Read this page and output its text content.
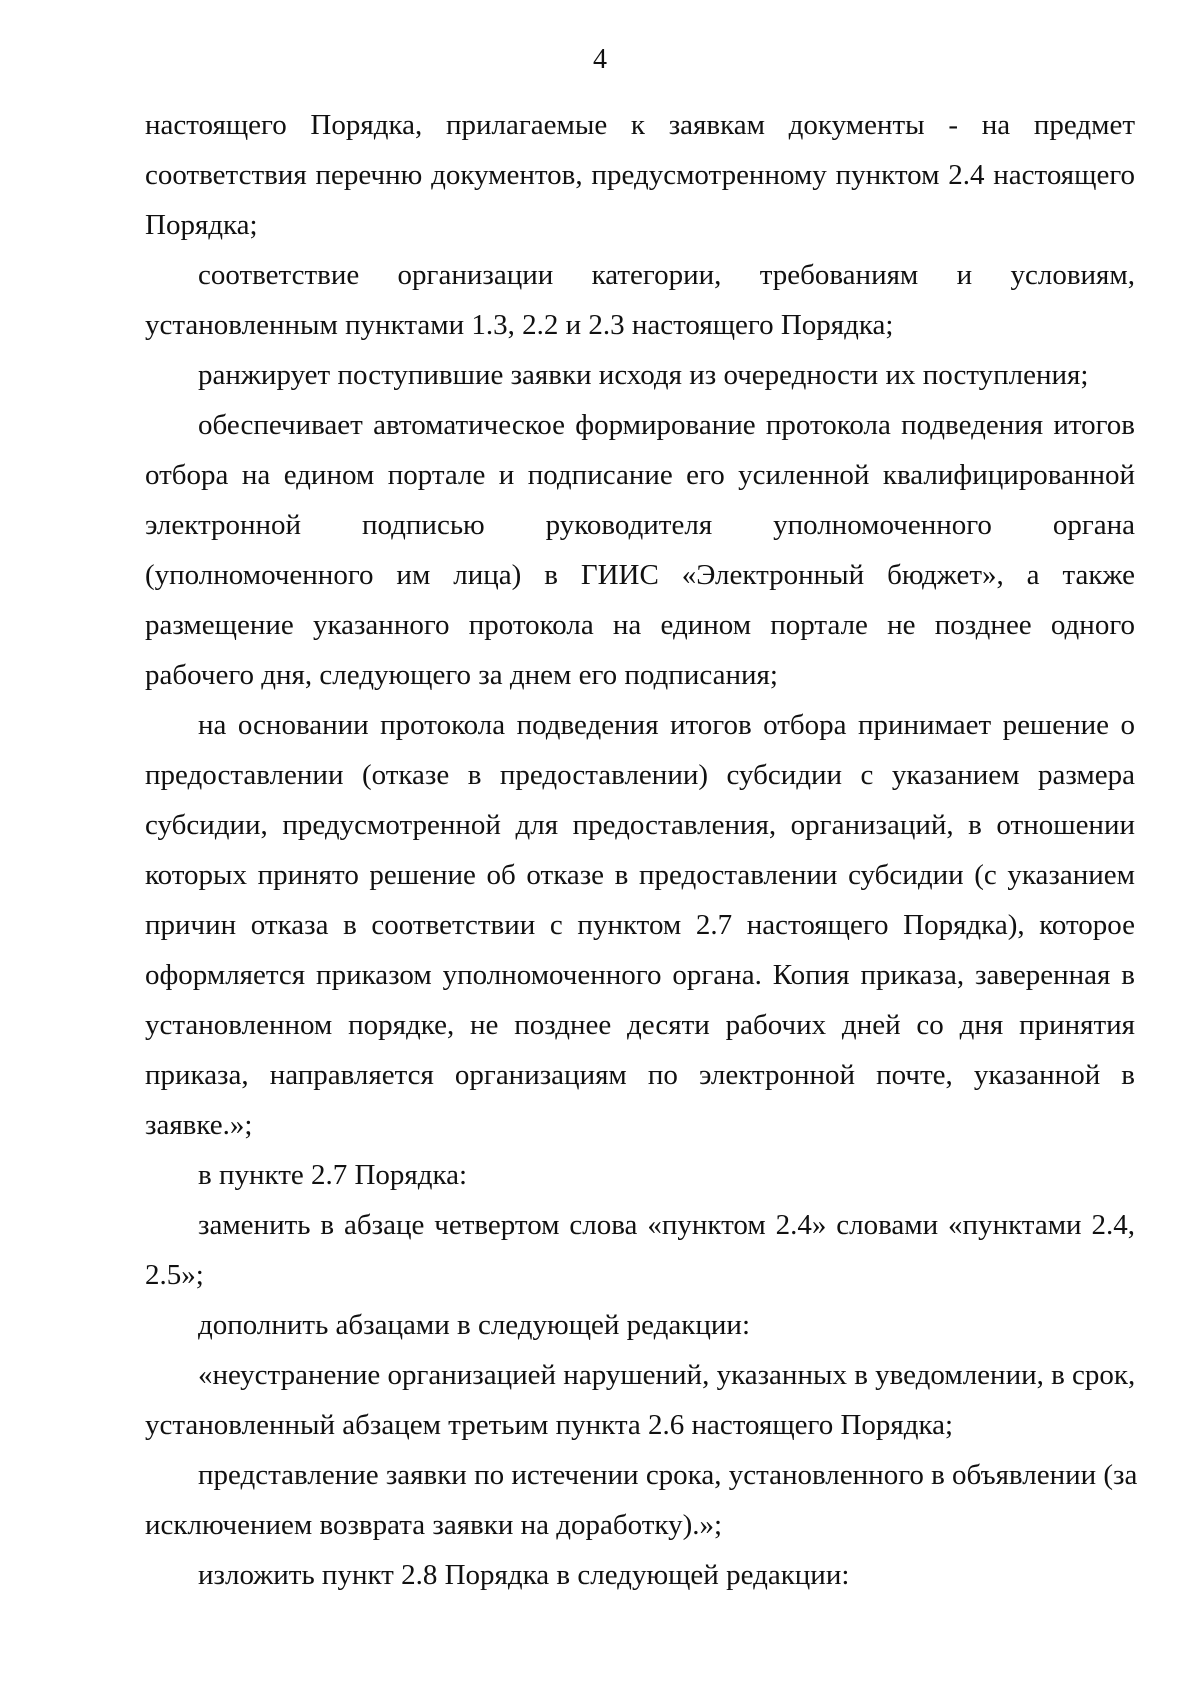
4
настоящего Порядка, прилагаемые к заявкам документы - на предмет
соответствия перечню документов, предусмотренному пунктом 2.4 настоящего
Порядка;
соответствие организации категории, требованиям и условиям,
установленным пунктами 1.3, 2.2 и 2.3 настоящего Порядка;
ранжирует поступившие заявки исходя из очередности их поступления;
обеспечивает автоматическое формирование протокола подведения итогов
отбора на едином портале и подписание его усиленной квалифицированной
электронной подписью руководителя уполномоченного органа
(уполномоченного им лица) в ГИИС «Электронный бюджет», а также
размещение указанного протокола на едином портале не позднее одного
рабочего дня, следующего за днем его подписания;
на основании протокола подведения итогов отбора принимает решение о
предоставлении (отказе в предоставлении) субсидии с указанием размера
субсидии, предусмотренной для предоставления, организаций, в отношении
которых принято решение об отказе в предоставлении субсидии (с указанием
причин отказа в соответствии с пунктом 2.7 настоящего Порядка), которое
оформляется приказом уполномоченного органа. Копия приказа, заверенная в
установленном порядке, не позднее десяти рабочих дней со дня принятия
приказа, направляется организациям по электронной почте, указанной в
заявке.»;
в пункте 2.7 Порядка:
заменить в абзаце четвертом слова «пунктом 2.4» словами «пунктами 2.4,
2.5»;
дополнить абзацами в следующей редакции:
«неустранение организацией нарушений, указанных в уведомлении, в срок,
установленный абзацем третьим пункта 2.6 настоящего Порядка;
представление заявки по истечении срока, установленного в объявлении (за
исключением возврата заявки на доработку).»;
изложить пункт 2.8 Порядка в следующей редакции:
